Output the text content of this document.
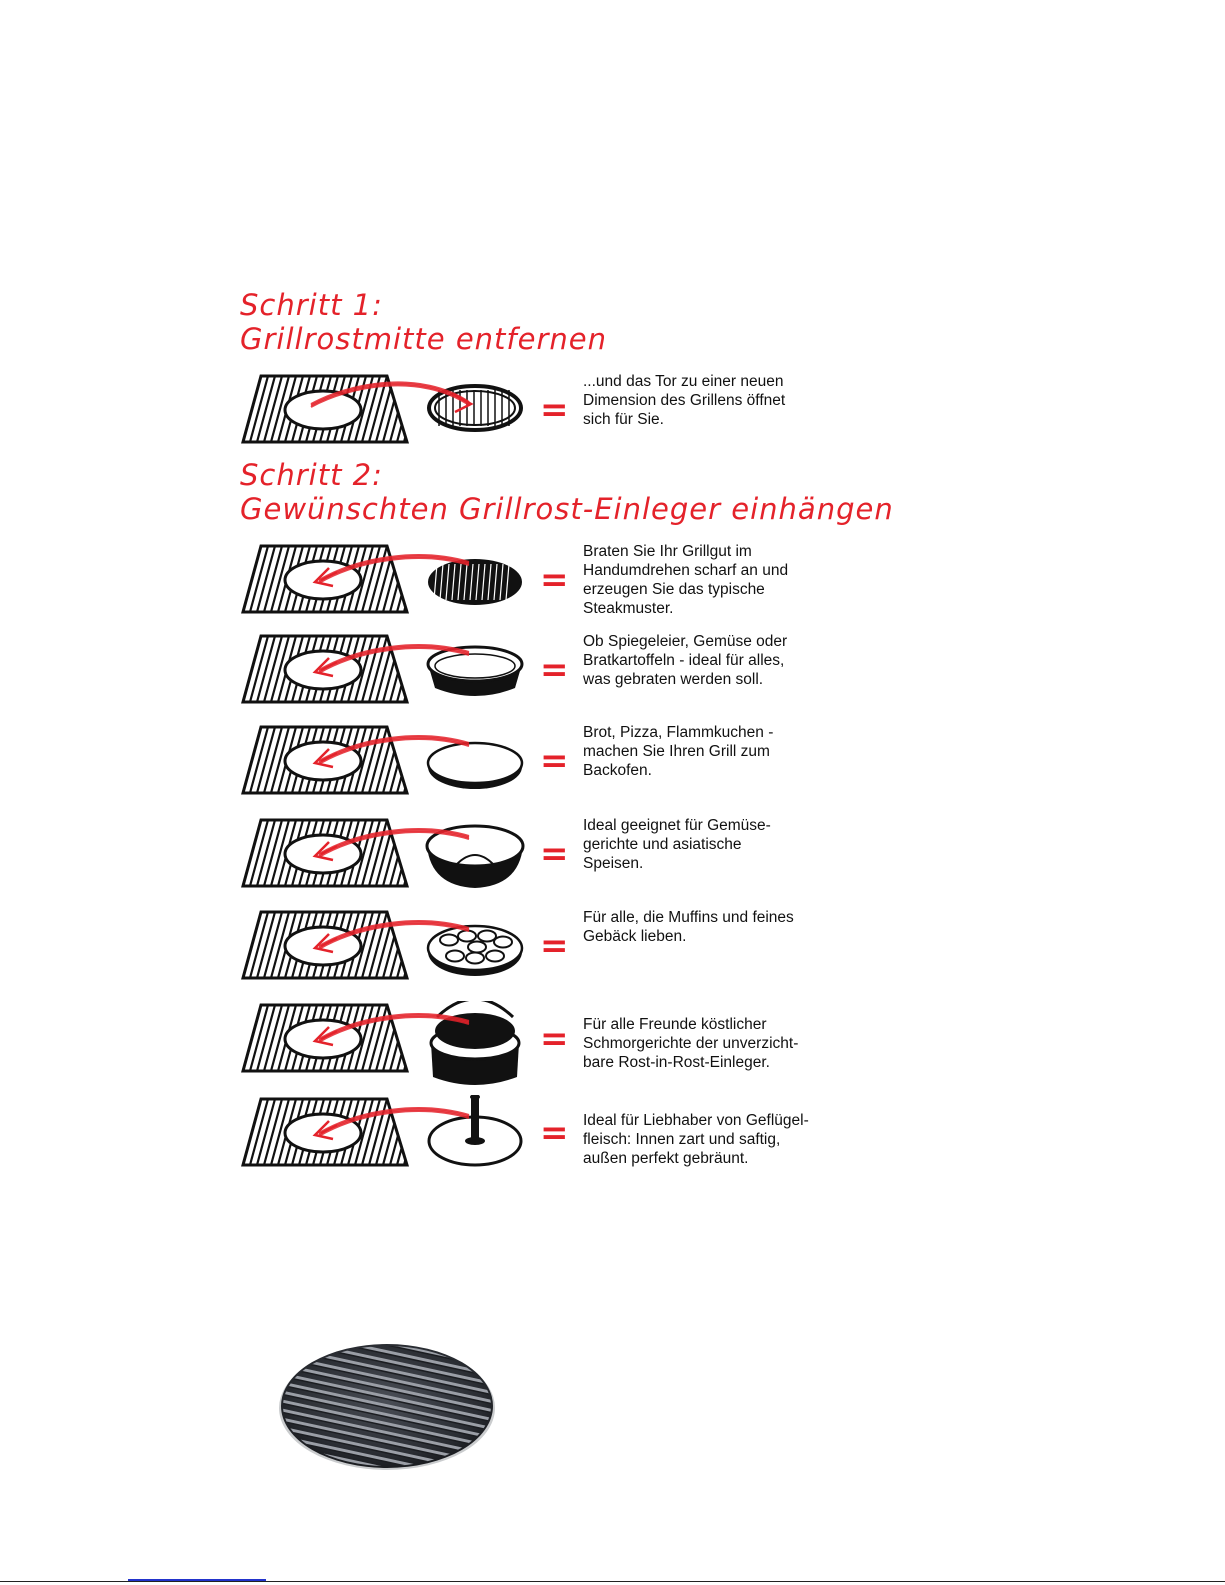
Schritt 1:
Grillrostmitte entfernen
Schritt 2:
Gewünschten Grillrost-Einleger einhängen
=
...und das Tor zu einer neuen
Dimension des Grillens öffnet
sich für Sie.
=
Braten Sie Ihr Grillgut im
Handumdrehen scharf an und
erzeugen Sie das typische
Steakmuster.
=
Ob Spiegeleier, Gemüse oder
Bratkartoffeln - ideal für alles,
was gebraten werden soll.
=
Brot, Pizza, Flammkuchen -
machen Sie Ihren Grill zum
Backofen.
=
Ideal geeignet für Gemüse-
gerichte und asiatische
Speisen.
=
Für alle, die Muffins und feines
Gebäck lieben.
= Für alle Freunde köstlicher
Schmorgerichte der unverzicht-
bare Rost-in-Rost-Einleger.
= Ideal für Liebhaber von Geflügel-
fleisch: Innen zart und saftig,
außen perfekt gebräunt.
